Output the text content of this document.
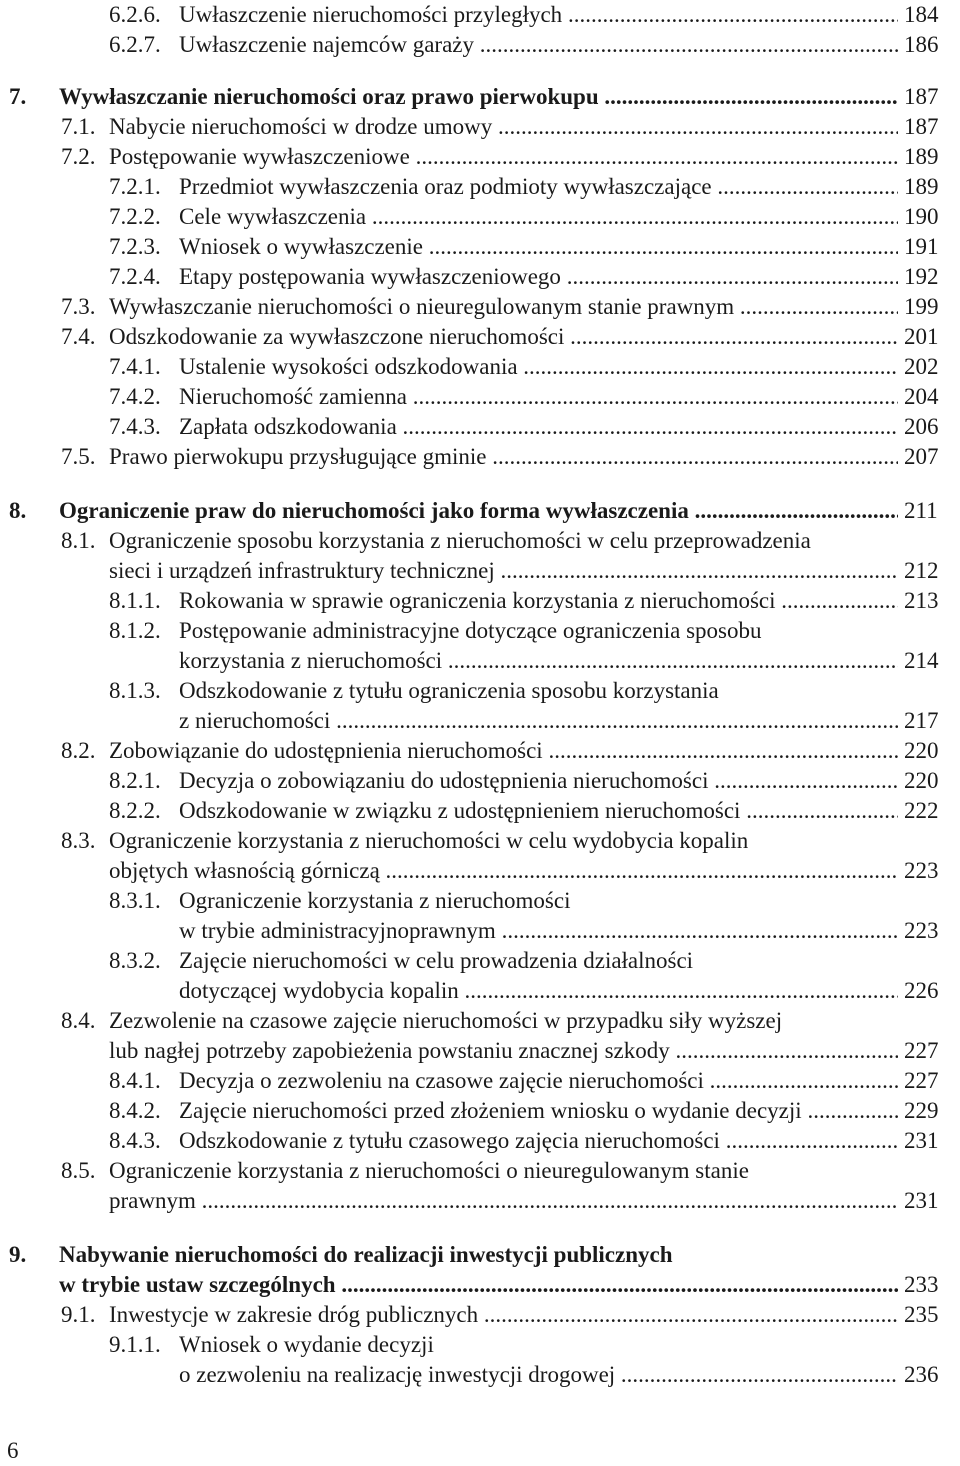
6.2.6. Uwłaszczenie nieruchomości przyległych .....	184
6.2.7. Uwłaszczenie najemców garaży .....	186
7. Wywłaszczanie nieruchomości oraz prawo pierwokupu .....	187
7.1. Nabycie nieruchomości w drodze umowy .....	187
7.2. Postępowanie wywłaszczeniowe .....	189
7.2.1. Przedmiot wywłaszczenia oraz podmioty wywłaszczające .....	189
7.2.2. Cele wywłaszczenia .....	190
7.2.3. Wniosek o wywłaszczenie .....	191
7.2.4. Etapy postępowania wywłaszczeniowego .....	192
7.3. Wywłaszczanie nieruchomości o nieuregulowanym stanie prawnym .....	199
7.4. Odszkodowanie za wywłaszczone nieruchomości .....	201
7.4.1. Ustalenie wysokości odszkodowania .....	202
7.4.2. Nieruchomość zamienna .....	204
7.4.3. Zapłata odszkodowania .....	206
7.5. Prawo pierwokupu przysługujące gminie .....	207
8. Ograniczenie praw do nieruchomości jako forma wywłaszczenia .....	211
8.1. Ograniczenie sposobu korzystania z nieruchomości w celu przeprowadzenia
sieci i urządzeń infrastruktury technicznej .....	212
8.1.1. Rokowania w sprawie ograniczenia korzystania z nieruchomości .....	213
8.1.2. Postępowanie administracyjne dotyczące ograniczenia sposobu
korzystania z nieruchomości .....	214
8.1.3. Odszkodowanie z tytułu ograniczenia sposobu korzystania
z nieruchomości .....	217
8.2. Zobowiązanie do udostępnienia nieruchomości .....	220
8.2.1. Decyzja o zobowiązaniu do udostępnienia nieruchomości .....	220
8.2.2. Odszkodowanie w związku z udostępnieniem nieruchomości .....	222
8.3. Ograniczenie korzystania z nieruchomości w celu wydobycia kopalin
objętych własnością górniczą .....	223
8.3.1. Ograniczenie korzystania z nieruchomości
w trybie administracyjnoprawnym .....	223
8.3.2. Zajęcie nieruchomości w celu prowadzenia działalności
dotyczącej wydobycia kopalin .....	226
8.4. Zezwolenie na czasowe zajęcie nieruchomości w przypadku siły wyższej
lub nagłej potrzeby zapobieżenia powstaniu znacznej szkody .....	227
8.4.1. Decyzja o zezwoleniu na czasowe zajęcie nieruchomości .....	227
8.4.2. Zajęcie nieruchomości przed złożeniem wniosku o wydanie decyzji .....	229
8.4.3. Odszkodowanie z tytułu czasowego zajęcia nieruchomości .....	231
8.5. Ograniczenie korzystania z nieruchomości o nieuregulowanym stanie
prawnym .....	231
9. Nabywanie nieruchomości do realizacji inwestycji publicznych
w trybie ustaw szczególnych .....	233
9.1. Inwestycje w zakresie dróg publicznych .....	235
9.1.1. Wniosek o wydanie decyzji
o zezwoleniu na realizację inwestycji drogowej .....	236
6
